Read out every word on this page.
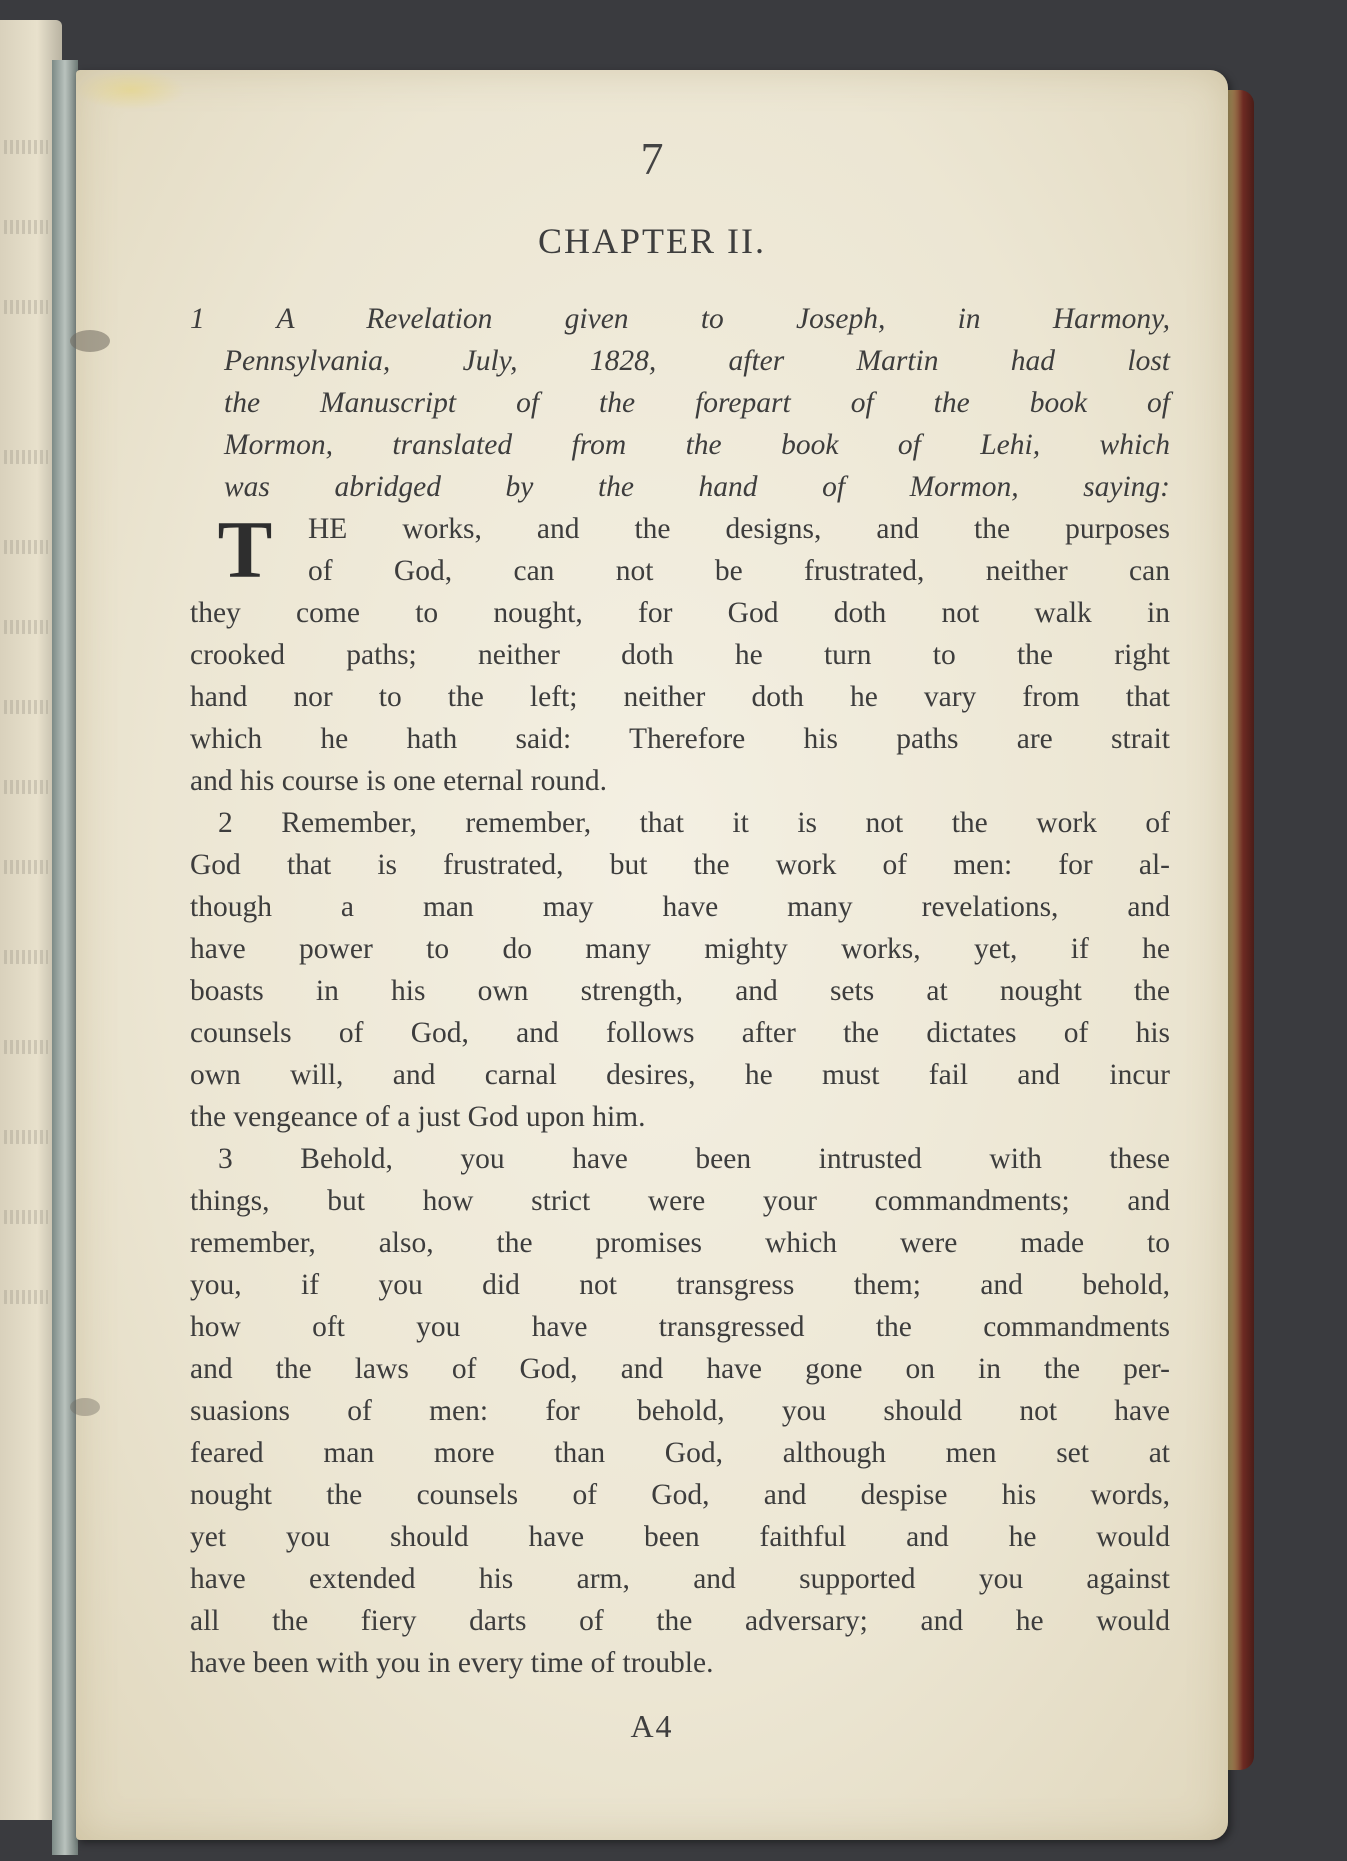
7
CHAPTER II.
1 A Revelation given to Joseph, in Harmony,
Pennsylvania, July, 1828, after Martin had lost
the Manuscript of the forepart of the book of
Mormon, translated from the book of Lehi, which
was abridged by the hand of Mormon, saying:
T	HE works, and the designs, and the purposes
of God, can not be frustrated, neither can
they come to nought, for God doth not walk in
crooked paths; neither doth he turn to the right
hand nor to the left; neither doth he vary from that
which he hath said: Therefore his paths are strait
and his course is one eternal round.
2 Remember, remember, that it is not the work of
God that is frustrated, but the work of men: for al-
though a man may have many revelations, and
have power to do many mighty works, yet, if he
boasts in his own strength, and sets at nought the
counsels of God, and follows after the dictates of his
own will, and carnal desires, he must fail and incur
the vengeance of a just God upon him.
3 Behold, you have been intrusted with these
things, but how strict were your commandments; and
remember, also, the promises which were made to
you, if you did not transgress them; and behold,
how oft you have transgressed the commandments
and the laws of God, and have gone on in the per-
suasions of men: for behold, you should not have
feared man more than God, although men set at
nought the counsels of God, and despise his words,
yet you should have been faithful and he would
have extended his arm, and supported you against
all the fiery darts of the adversary; and he would
have been with you in every time of trouble.
A4
